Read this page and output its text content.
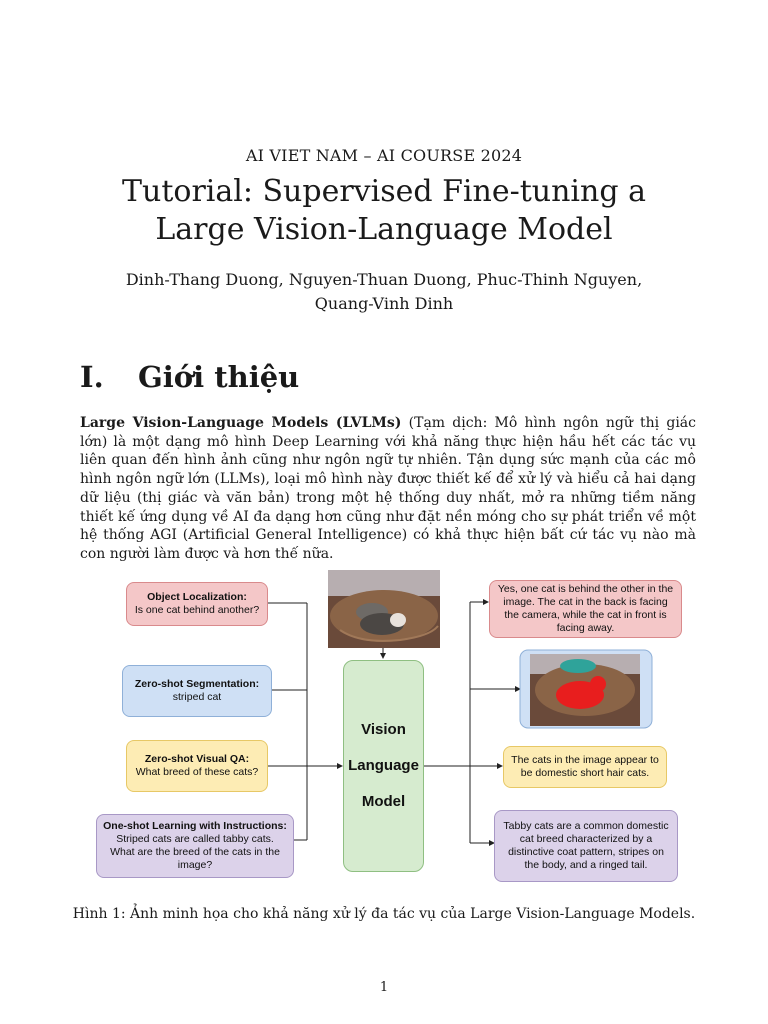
AI VIET NAM – AI COURSE 2024
Tutorial: Supervised Fine-tuning a
Large Vision-Language Model
Dinh-Thang Duong, Nguyen-Thuan Duong, Phuc-Thinh Nguyen,
Quang-Vinh Dinh
I. Giới thiệu
Large Vision-Language Models (LVLMs) (Tạm dịch: Mô hình ngôn ngữ thị giác lớn) là một dạng mô hình Deep Learning với khả năng thực hiện hầu hết các tác vụ liên quan đến hình ảnh cũng như ngôn ngữ tự nhiên. Tận dụng sức mạnh của các mô hình ngôn ngữ lớn (LLMs), loại mô hình này được thiết kế để xử lý và hiểu cả hai dạng dữ liệu (thị giác và văn bản) trong một hệ thống duy nhất, mở ra những tiềm năng thiết kế ứng dụng về AI đa dạng hơn cũng như đặt nền móng cho sự phát triển về một hệ thống AGI (Artificial General Intelligence) có khả thực hiện bất cứ tác vụ nào mà con người làm được và hơn thế nữa.
Object Localization:
Is one cat behind another?
Zero-shot Segmentation:
striped cat
Zero-shot Visual QA:
What breed of these cats?
One-shot Learning with Instructions:
Striped cats are called tabby cats. What are the breed of the cats in the image?
Vision
Language
Model
Yes, one cat is behind the other in the image. The cat in the back is facing the camera, while the cat in front is facing away.
The cats in the image appear to be domestic short hair cats.
Tabby cats are a common domestic cat breed characterized by a distinctive coat pattern, stripes on the body, and a ringed tail.
Hình 1: Ảnh minh họa cho khả năng xử lý đa tác vụ của Large Vision-Language Models.
1
